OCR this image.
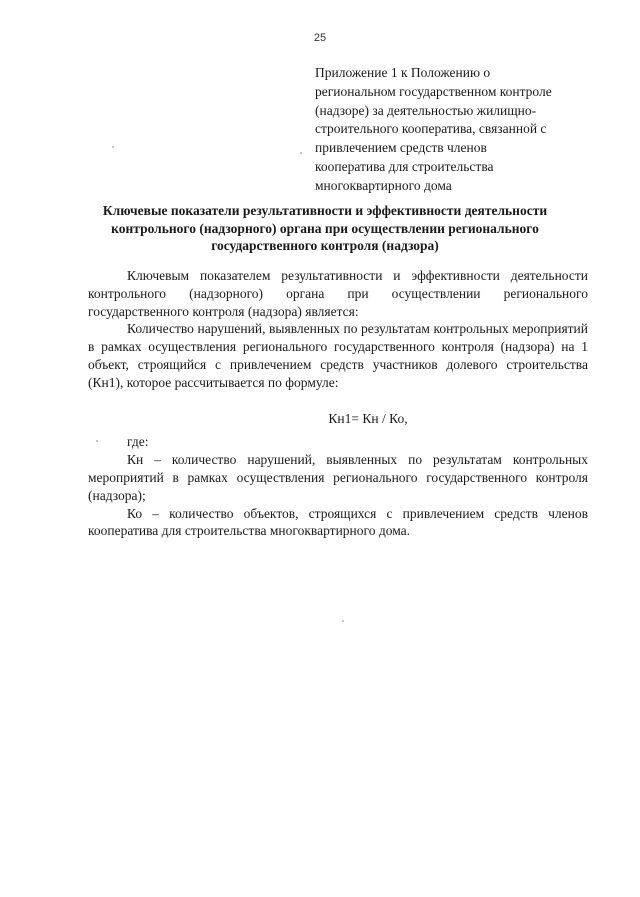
25
Приложение 1 к Положению о
региональном государственном контроле
(надзоре) за деятельностью жилищно-
строительного кооператива, связанной с
привлечением средств членов
кооператива для строительства
многоквартирного дома
Ключевые показатели результативности и эффективности деятельности
контрольного (надзорного) органа при осуществлении регионального
государственного контроля (надзора)

Ключевым показателем результативности и эффективности деятельности контрольного (надзорного) органа при осуществлении регионального государственного контроля (надзора) является:

Количество нарушений, выявленных по результатам контрольных мероприятий в рамках осуществления регионального государственного контроля (надзора) на 1 объект, строящийся с привлечением средств участников долевого строительства (Кн1), которое рассчитывается по формуле:

Кн1= Кн / Ко,

где:

Кн – количество нарушений, выявленных по результатам контрольных мероприятий в рамках осуществления регионального государственного контроля (надзора);

Ко – количество объектов, строящихся с привлечением средств членов кооператива для строительства многоквартирного дома.
